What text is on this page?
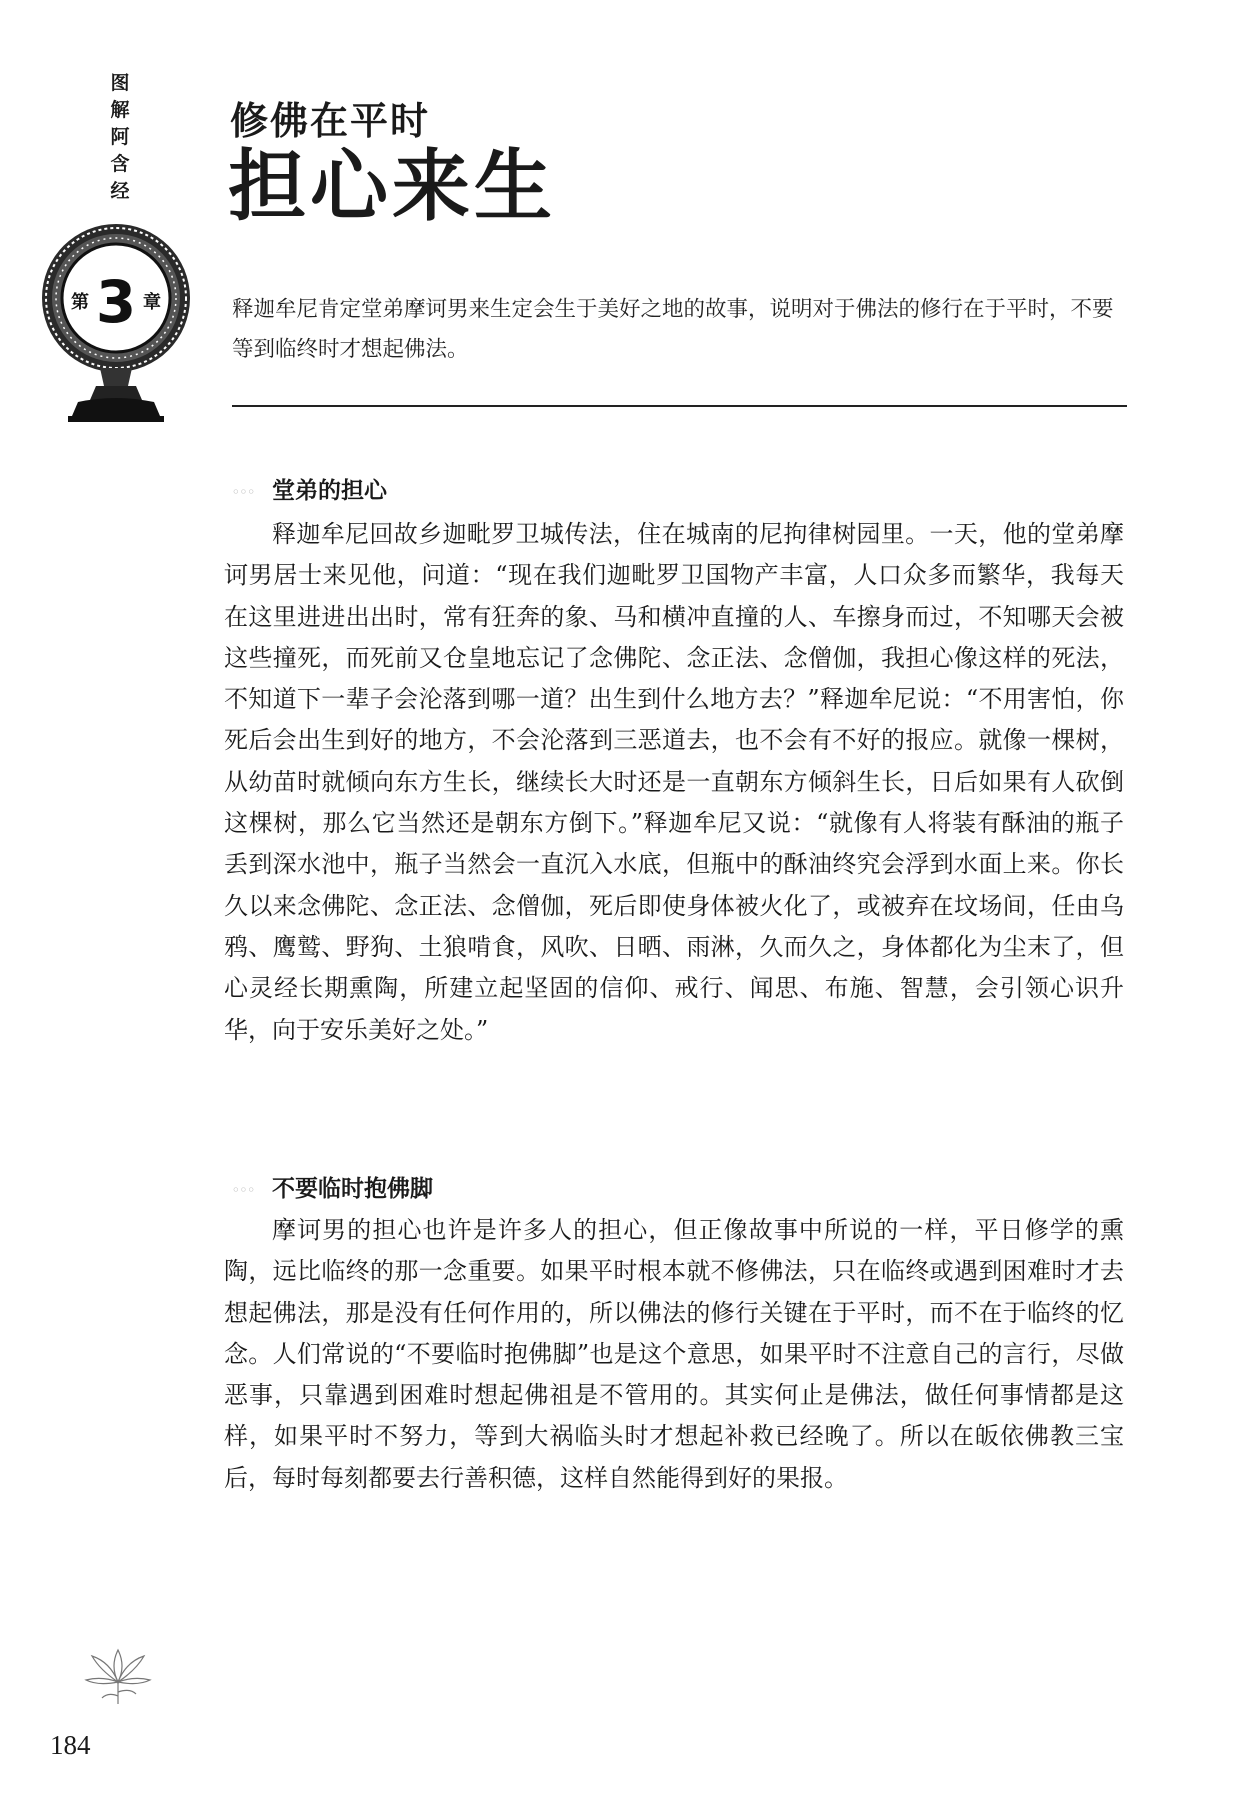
图
解
阿
含
经
第 3 章
修佛在平时
担心来生

释迦牟尼肯定堂弟摩诃男来生定会生于美好之地的故事，说明对于佛法的修行在于平时，不要等到临终时才想起佛法。

◦◦◦ 堂弟的担心

释迦牟尼回故乡迦毗罗卫城传法，住在城南的尼拘律树园里。一天，他的堂弟摩诃男居士来见他，问道：“现在我们迦毗罗卫国物产丰富，人口众多而繁华，我每天在这里进进出出时，常有狂奔的象、马和横冲直撞的人、车擦身而过，不知哪天会被这些撞死，而死前又仓皇地忘记了念佛陀、念正法、念僧伽，我担心像这样的死法，不知道下一辈子会沦落到哪一道？出生到什么地方去？”释迦牟尼说：“不用害怕，你死后会出生到好的地方，不会沦落到三恶道去，也不会有不好的报应。就像一棵树，从幼苗时就倾向东方生长，继续长大时还是一直朝东方倾斜生长，日后如果有人砍倒这棵树，那么它当然还是朝东方倒下。”释迦牟尼又说：“就像有人将装有酥油的瓶子丢到深水池中，瓶子当然会一直沉入水底，但瓶中的酥油终究会浮到水面上来。你长久以来念佛陀、念正法、念僧伽，死后即使身体被火化了，或被弃在坟场间，任由乌鸦、鹰鹫、野狗、土狼啃食，风吹、日晒、雨淋，久而久之，身体都化为尘末了，但心灵经长期熏陶，所建立起坚固的信仰、戒行、闻思、布施、智慧，会引领心识升华，向于安乐美好之处。”

◦◦◦ 不要临时抱佛脚

摩诃男的担心也许是许多人的担心，但正像故事中所说的一样，平日修学的熏陶，远比临终的那一念重要。如果平时根本就不修佛法，只在临终或遇到困难时才去想起佛法，那是没有任何作用的，所以佛法的修行关键在于平时，而不在于临终的忆念。人们常说的“不要临时抱佛脚”也是这个意思，如果平时不注意自己的言行，尽做恶事，只靠遇到困难时想起佛祖是不管用的。其实何止是佛法，做任何事情都是这样，如果平时不努力，等到大祸临头时才想起补救已经晚了。所以在皈依佛教三宝后，每时每刻都要去行善积德，这样自然能得到好的果报。

184
